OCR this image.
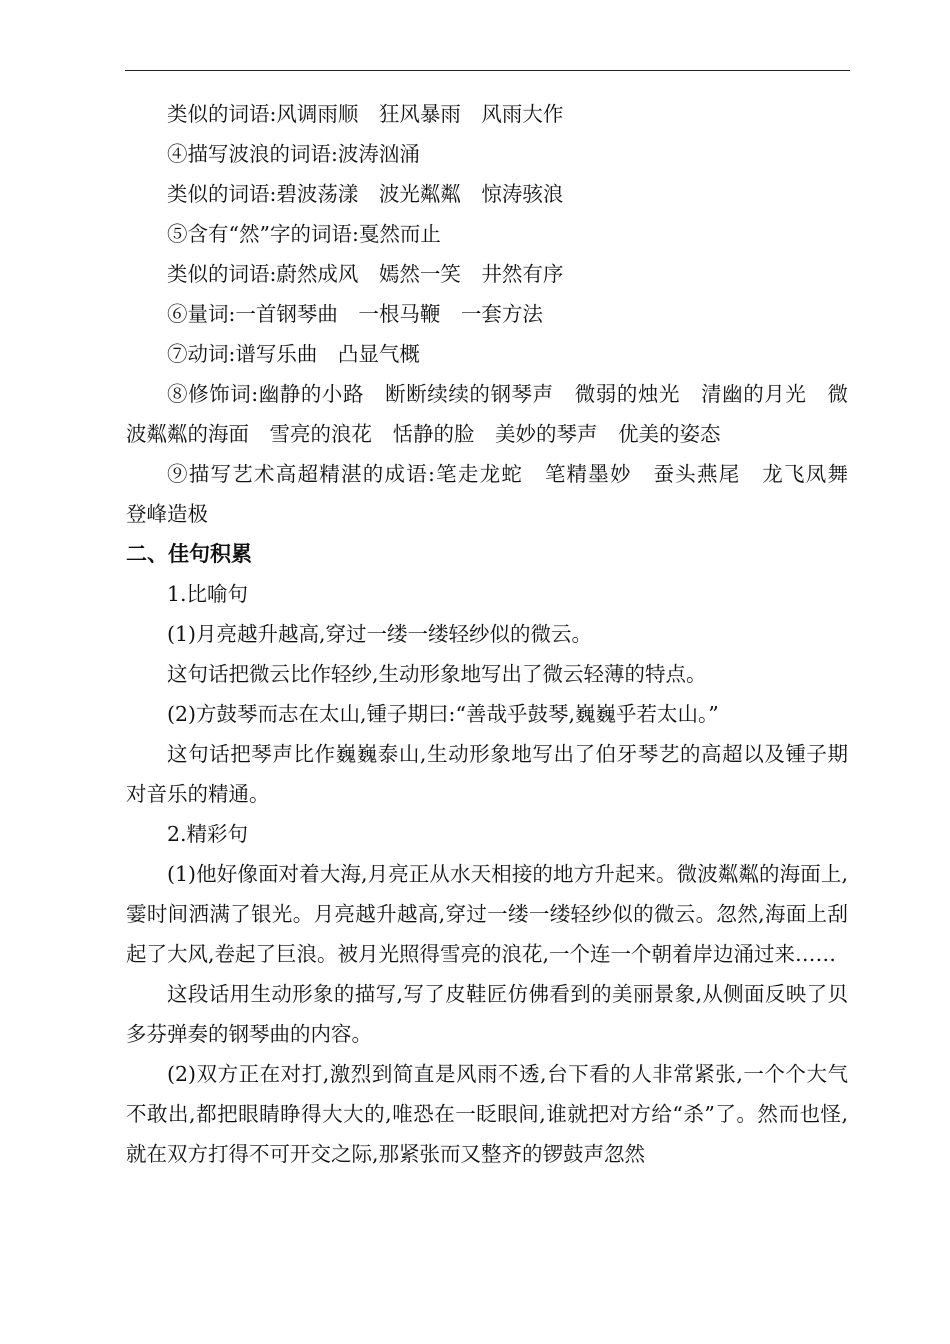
类似的词语:风调雨顺　狂风暴雨　风雨大作

④描写波浪的词语:波涛汹涌

类似的词语:碧波荡漾　波光粼粼　惊涛骇浪

⑤含有“然”字的词语:戛然而止

类似的词语:蔚然成风　嫣然一笑　井然有序

⑥量词:一首钢琴曲　一根马鞭　一套方法

⑦动词:谱写乐曲　凸显气概

⑧修饰词:幽静的小路　断断续续的钢琴声　微弱的烛光　清幽的月光　微波粼粼的海面　雪亮的浪花　恬静的脸　美妙的琴声　优美的姿态

⑨描写艺术高超精湛的成语:笔走龙蛇　笔精墨妙　蚕头燕尾　龙飞凤舞　登峰造极

二、佳句积累

1.比喻句

(1)月亮越升越高,穿过一缕一缕轻纱似的微云。

这句话把微云比作轻纱,生动形象地写出了微云轻薄的特点。

(2)方鼓琴而志在太山,锺子期曰:“善哉乎鼓琴,巍巍乎若太山。”

这句话把琴声比作巍巍泰山,生动形象地写出了伯牙琴艺的高超以及锺子期对音乐的精通。

2.精彩句

(1)他好像面对着大海,月亮正从水天相接的地方升起来。微波粼粼的海面上,霎时间洒满了银光。月亮越升越高,穿过一缕一缕轻纱似的微云。忽然,海面上刮起了大风,卷起了巨浪。被月光照得雪亮的浪花,一个连一个朝着岸边涌过来……

这段话用生动形象的描写,写了皮鞋匠仿佛看到的美丽景象,从侧面反映了贝多芬弹奏的钢琴曲的内容。

(2)双方正在对打,激烈到简直是风雨不透,台下看的人非常紧张,一个个大气不敢出,都把眼睛睁得大大的,唯恐在一眨眼间,谁就把对方给“杀”了。然而也怪,就在双方打得不可开交之际,那紧张而又整齐的锣鼓声忽然
